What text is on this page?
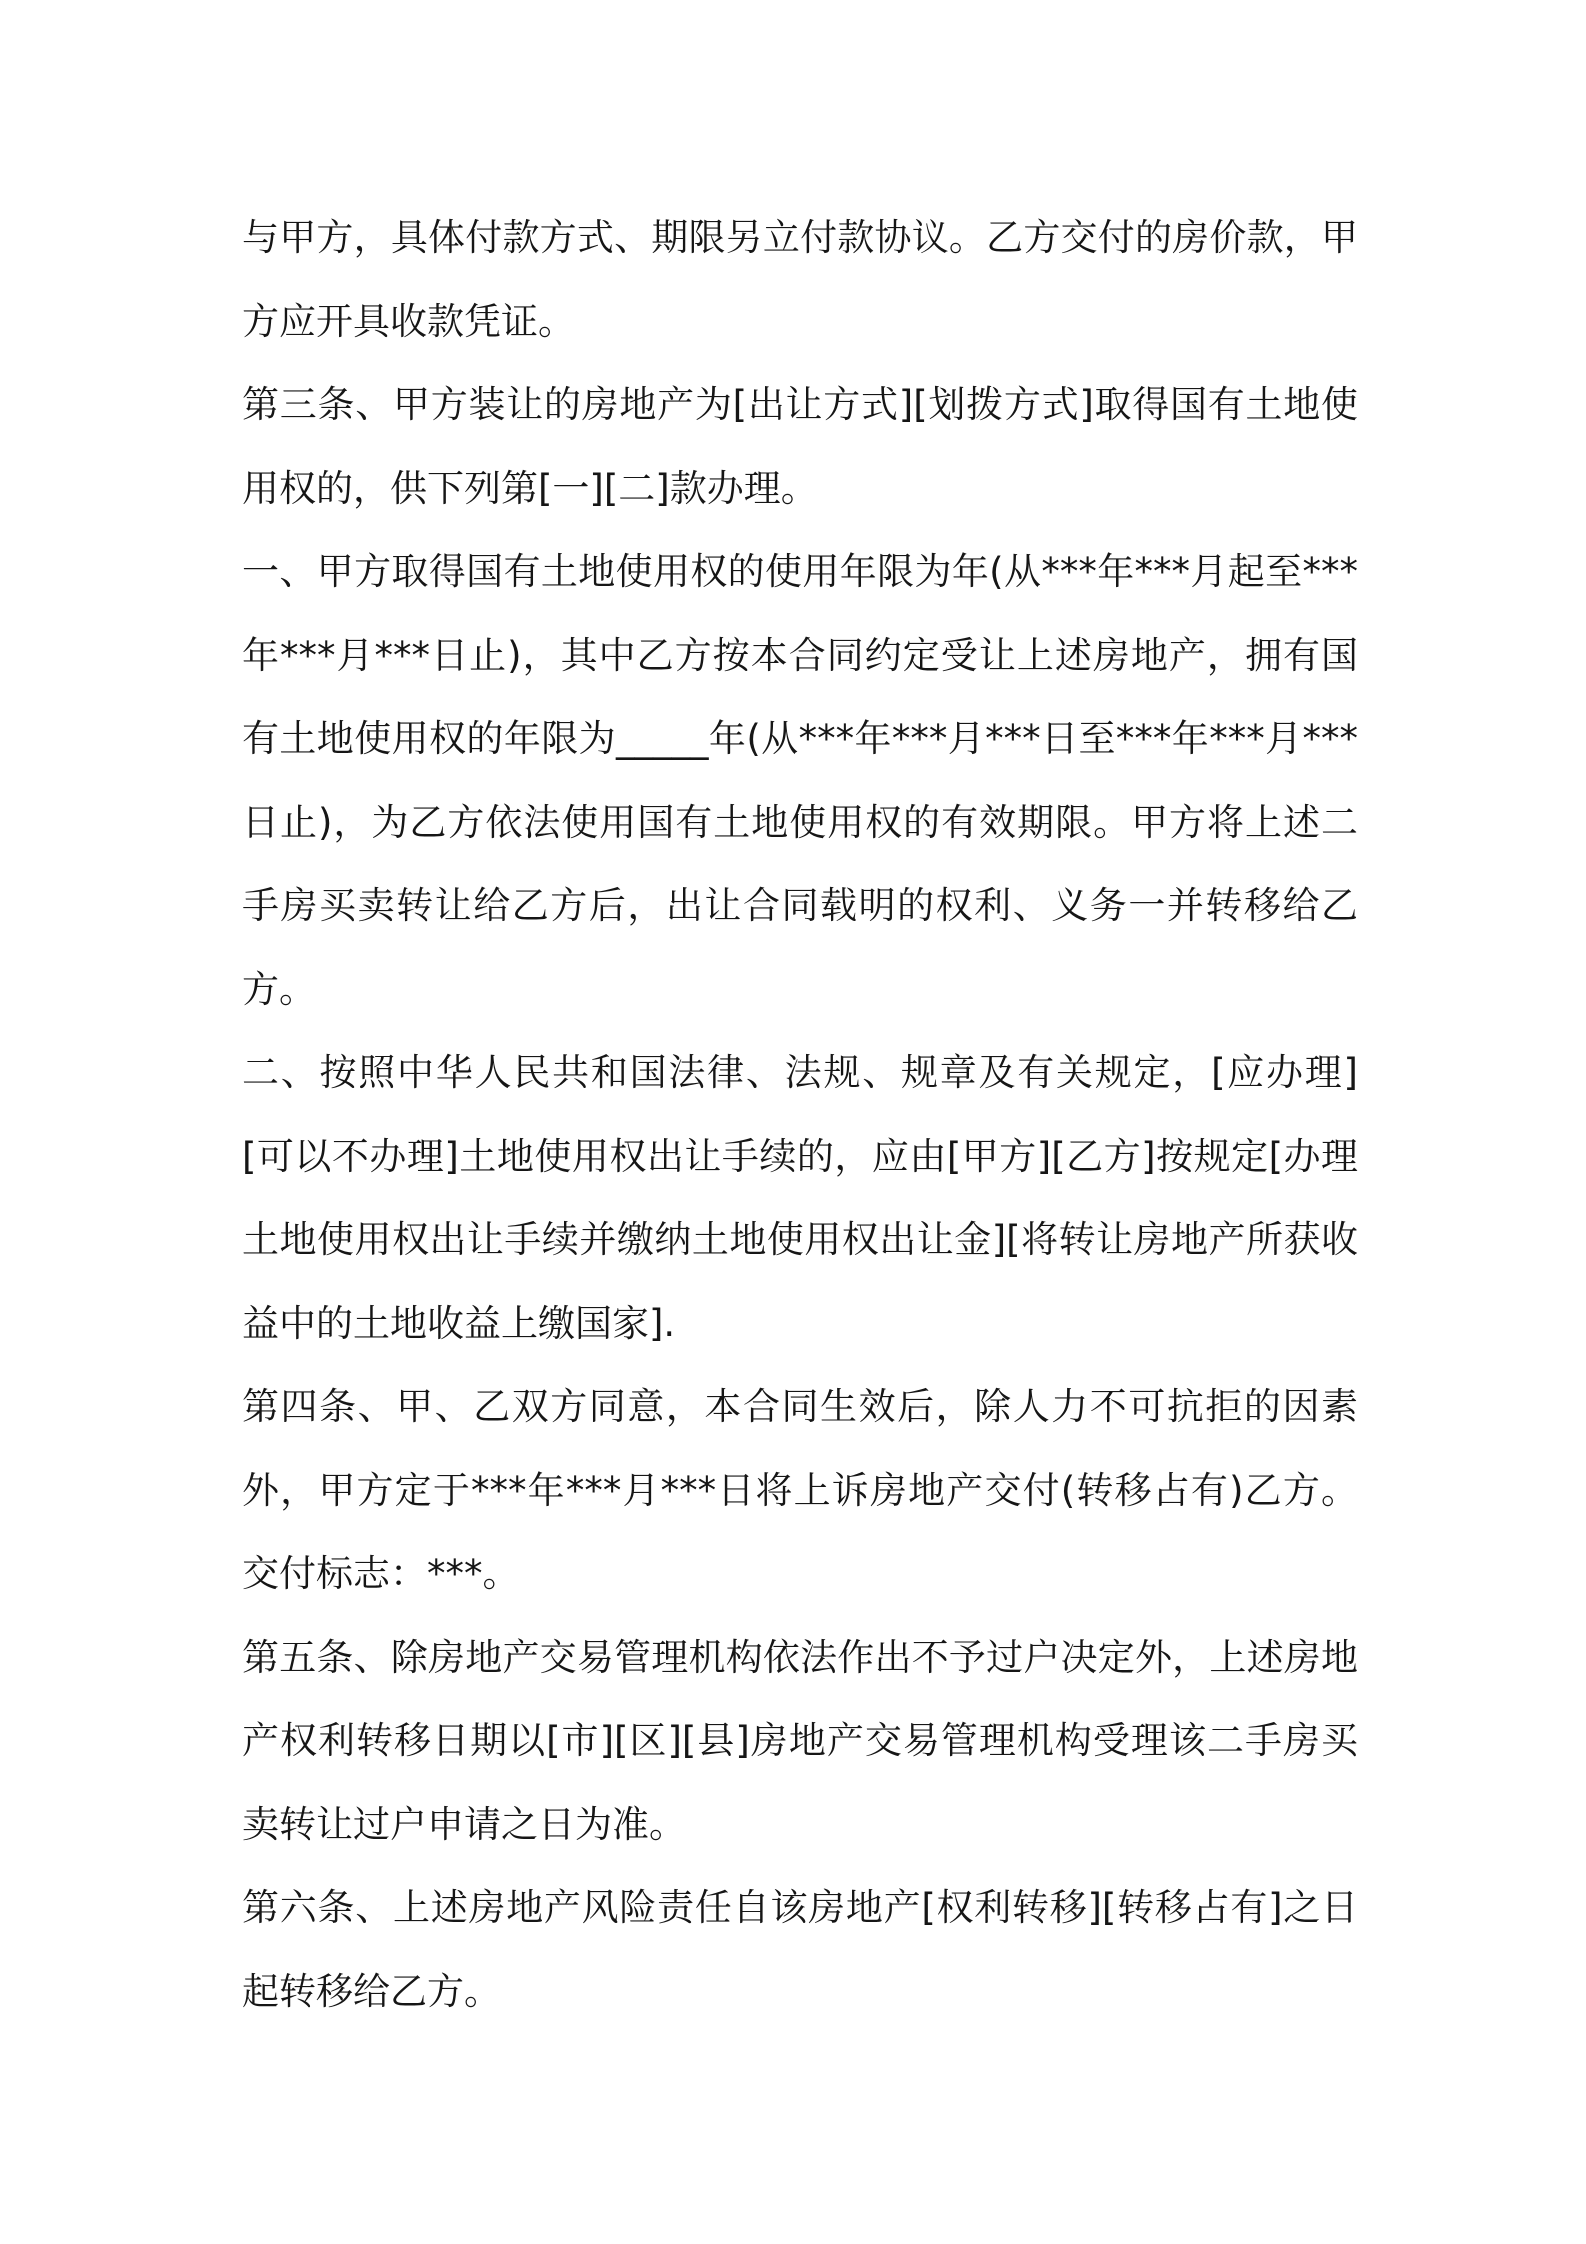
与甲方，具体付款方式、期限另立付款协议。乙方交付的房价款，甲方应开具收款凭证。

第三条、甲方装让的房地产为[出让方式][划拨方式]取得国有土地使用权的，供下列第[一][二]款办理。

一、甲方取得国有土地使用权的使用年限为年(从***年***月起至***年***月***日止)，其中乙方按本合同约定受让上述房地产，拥有国有土地使用权的年限为_____年(从***年***月***日至***年***月***日止)，为乙方依法使用国有土地使用权的有效期限。甲方将上述二手房买卖转让给乙方后，出让合同载明的权利、义务一并转移给乙方。

二、按照中华人民共和国法律、法规、规章及有关规定，[应办理][可以不办理]土地使用权出让手续的，应由[甲方][乙方]按规定[办理土地使用权出让手续并缴纳土地使用权出让金][将转让房地产所获收益中的土地收益上缴国家].

第四条、甲、乙双方同意，本合同生效后，除人力不可抗拒的因素外，甲方定于***年***月***日将上诉房地产交付(转移占有)乙方。交付标志：***。

第五条、除房地产交易管理机构依法作出不予过户决定外，上述房地产权利转移日期以[市][区][县]房地产交易管理机构受理该二手房买卖转让过户申请之日为准。

第六条、上述房地产风险责任自该房地产[权利转移][转移占有]之日起转移给乙方。
